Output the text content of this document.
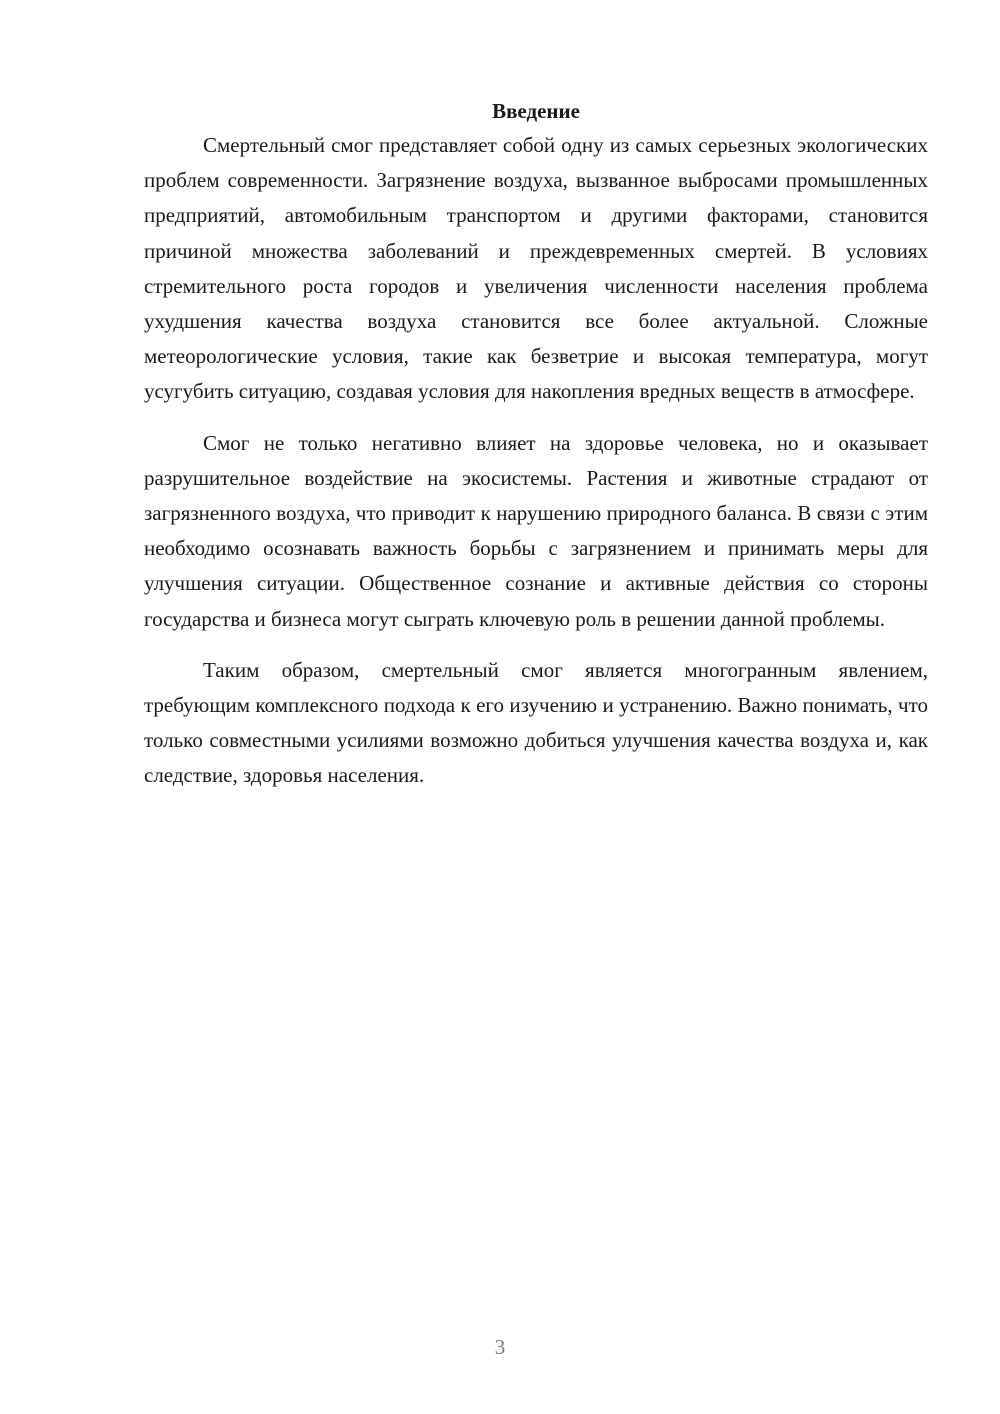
Введение

Смертельный смог представляет собой одну из самых серьезных экологических проблем современности. Загрязнение воздуха, вызванное выбросами промышленных предприятий, автомобильным транспортом и другими факторами, становится причиной множества заболеваний и преждевременных смертей. В условиях стремительного роста городов и увеличения численности населения проблема ухудшения качества воздуха становится все более актуальной. Сложные метеорологические условия, такие как безветрие и высокая температура, могут усугубить ситуацию, создавая условия для накопления вредных веществ в атмосфере.

Смог не только негативно влияет на здоровье человека, но и оказывает разрушительное воздействие на экосистемы. Растения и животные страдают от загрязненного воздуха, что приводит к нарушению природного баланса. В связи с этим необходимо осознавать важность борьбы с загрязнением и принимать меры для улучшения ситуации. Общественное сознание и активные действия со стороны государства и бизнеса могут сыграть ключевую роль в решении данной проблемы.

Таким образом, смертельный смог является многогранным явлением, требующим комплексного подхода к его изучению и устранению. Важно понимать, что только совместными усилиями возможно добиться улучшения качества воздуха и, как следствие, здоровья населения.

3
